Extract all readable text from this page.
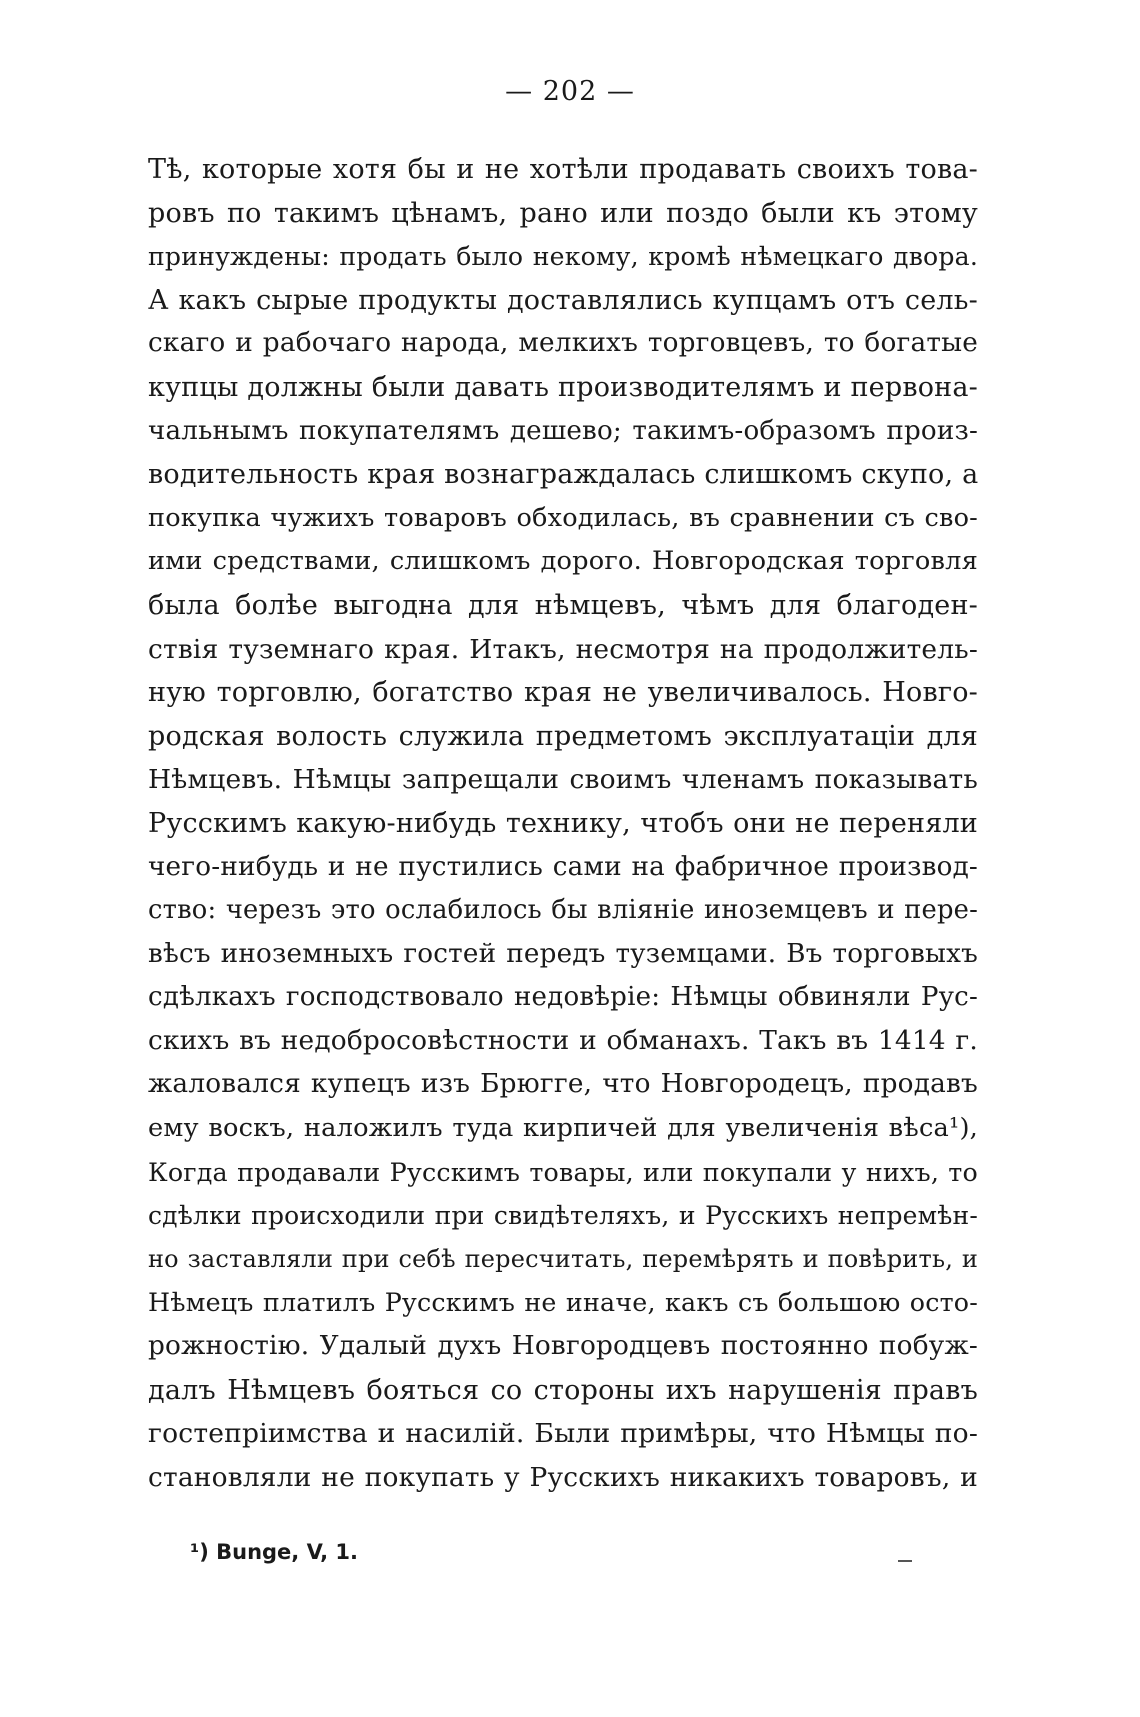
— 202 —
Тѣ, которые хотя бы и не хотѣли продавать своихъ това-
ровъ по такимъ цѣнамъ, рано или поздо были къ этому
принуждены: продать было некому, кромѣ нѣмецкаго двора.
А какъ сырые продукты доставлялись купцамъ отъ сель-
скаго и рабочаго народа, мелкихъ торговцевъ, то богатые
купцы должны были давать производителямъ и первона-
чальнымъ покупателямъ дешево; такимъ-образомъ произ-
водительность края вознаграждалась слишкомъ скупо, а
покупка чужихъ товаровъ обходилась, въ сравнении съ сво-
ими средствами, слишкомъ дорого. Новгородская торговля
была болѣе выгодна для нѣмцевъ, чѣмъ для благоден-
ствія туземнаго края. Итакъ, несмотря на продолжитель-
ную торговлю, богатство края не увеличивалось. Новго-
родская волость служила предметомъ эксплуатаціи для
Нѣмцевъ. Нѣмцы запрещали своимъ членамъ показывать
Русскимъ какую-нибудь технику, чтобъ они не переняли
чего-нибудь и не пустились сами на фабричное производ-
ство: черезъ это ослабилось бы вліяніе иноземцевъ и пере-
вѣсъ иноземныхъ гостей передъ туземцами. Въ торговыхъ
сдѣлкахъ господствовало недовѣріе: Нѣмцы обвиняли Рус-
скихъ въ недобросовѣстности и обманахъ. Такъ въ 1414 г.
жаловался купецъ изъ Брюгге, что Новгородецъ, продавъ
ему воскъ, наложилъ туда кирпичей для увеличенія вѣса¹),
Когда продавали Русскимъ товары, или покупали у нихъ, то
сдѣлки происходили при свидѣтеляхъ, и Русскихъ непремѣн-
но заставляли при себѣ пересчитать, перемѣрять и повѣрить, и
Нѣмецъ платилъ Русскимъ не иначе, какъ съ большою осто-
рожностію. Удалый духъ Новгородцевъ постоянно побуж-
далъ Нѣмцевъ бояться со стороны ихъ нарушенія правъ
гостепріимства и насилій. Были примѣры, что Нѣмцы по-
становляли не покупать у Русскихъ никакихъ товаровъ, и
¹) Bunge, V, 1.
